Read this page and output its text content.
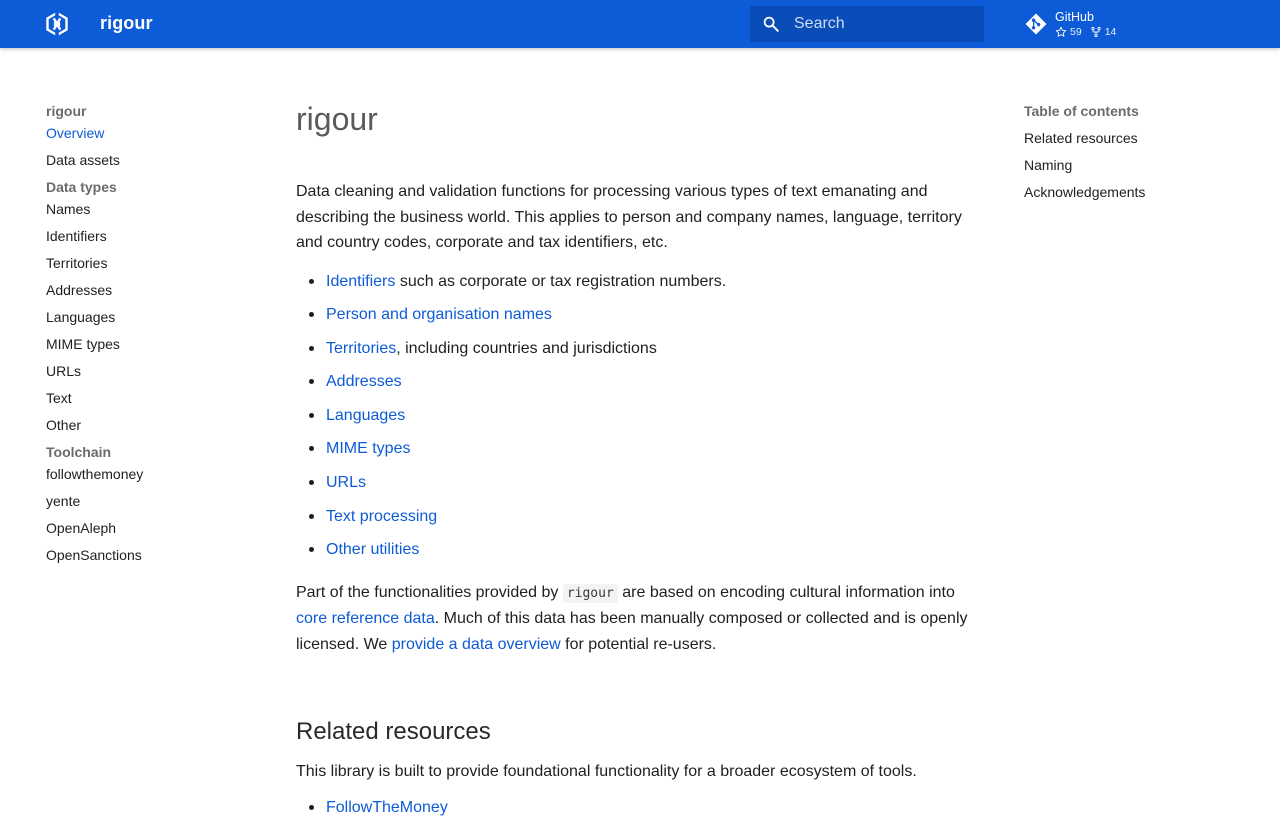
rigour
Search	GitHub
59 14
rigour
Overview
Data assets
Data types
Names
Identifiers
Territories
Addresses
Languages
MIME types
URLs
Text
Other
Toolchain
followthemoney
yente
OpenAleph
OpenSanctions
rigour

Data cleaning and validation functions for processing various types of text emanating and describing the business world. This applies to person and company names, language, territory and country codes, corporate and tax identifiers, etc.

Identifiers such as corporate or tax registration numbers.
Person and organisation names
Territories, including countries and jurisdictions
Addresses
Languages
MIME types
URLs
Text processing
Other utilities

Part of the functionalities provided by rigour are based on encoding cultural information into core reference data. Much of this data has been manually composed or collected and is openly licensed. We provide a data overview for potential re-users.

Related resources

This library is built to provide foundational functionality for a broader ecosystem of tools.

FollowTheMoney
Table of contents
Related resources
Naming
Acknowledgements
